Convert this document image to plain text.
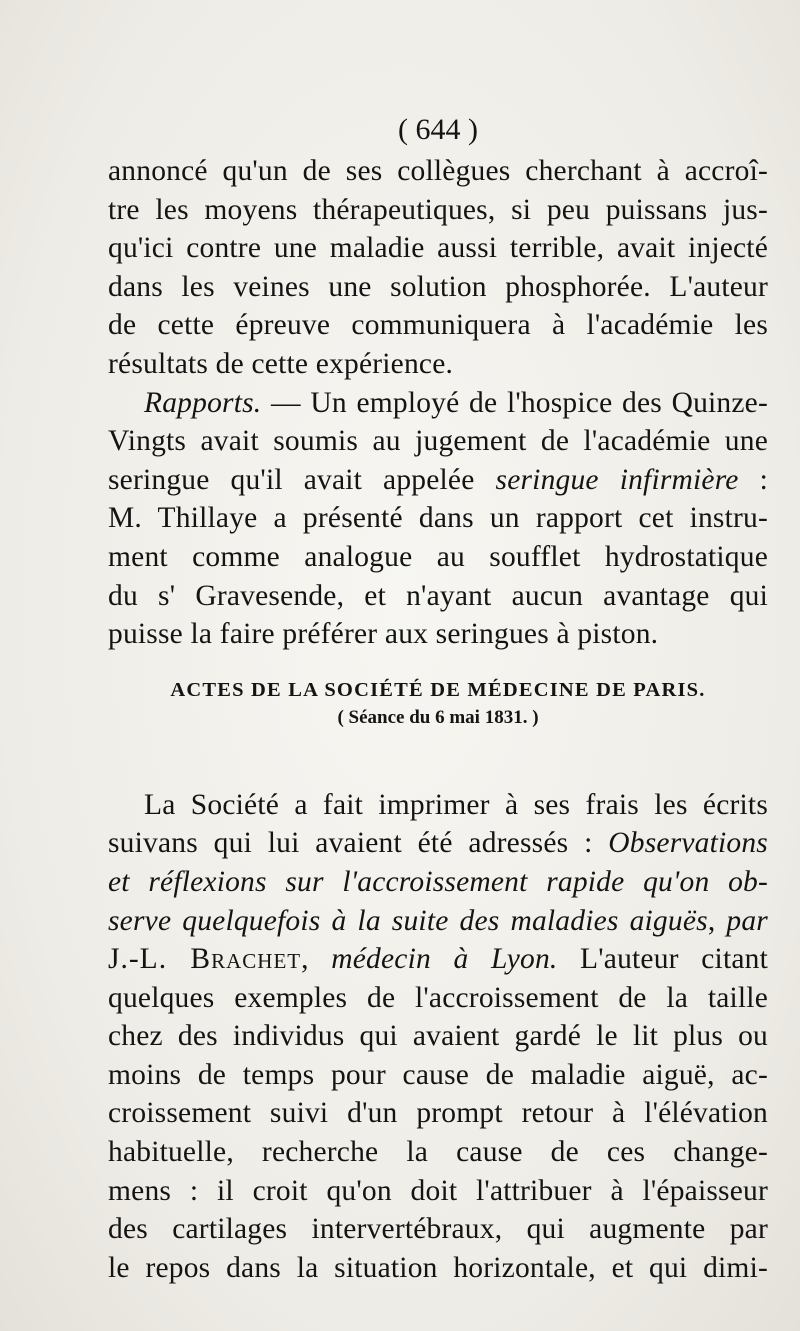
( 644 )
annoncé qu'un de ses collègues cherchant à accroî-
tre les moyens thérapeutiques, si peu puissans jus-
qu'ici contre une maladie aussi terrible, avait injecté
dans les veines une solution phosphorée. L'auteur
de cette épreuve communiquera à l'académie les
résultats de cette expérience.
Rapports. — Un employé de l'hospice des Quinze-
Vingts avait soumis au jugement de l'académie une
seringue qu'il avait appelée seringue infirmière :
M. Thillaye a présenté dans un rapport cet instru-
ment comme analogue au soufflet hydrostatique
du s' Gravesende, et n'ayant aucun avantage qui
puisse la faire préférer aux seringues à piston.
ACTES DE LA SOCIÉTÉ DE MÉDECINE DE PARIS.
( Séance du 6 mai 1831. )
La Société a fait imprimer à ses frais les écrits
suivans qui lui avaient été adressés : Observations
et réflexions sur l'accroissement rapide qu'on ob-
serve quelquefois à la suite des maladies aiguës, par
J.-L. Brachet, médecin à Lyon. L'auteur citant
quelques exemples de l'accroissement de la taille
chez des individus qui avaient gardé le lit plus ou
moins de temps pour cause de maladie aiguë, ac-
croissement suivi d'un prompt retour à l'élévation
habituelle, recherche la cause de ces change-
mens : il croit qu'on doit l'attribuer à l'épaisseur
des cartilages intervertébraux, qui augmente par
le repos dans la situation horizontale, et qui dimi-
